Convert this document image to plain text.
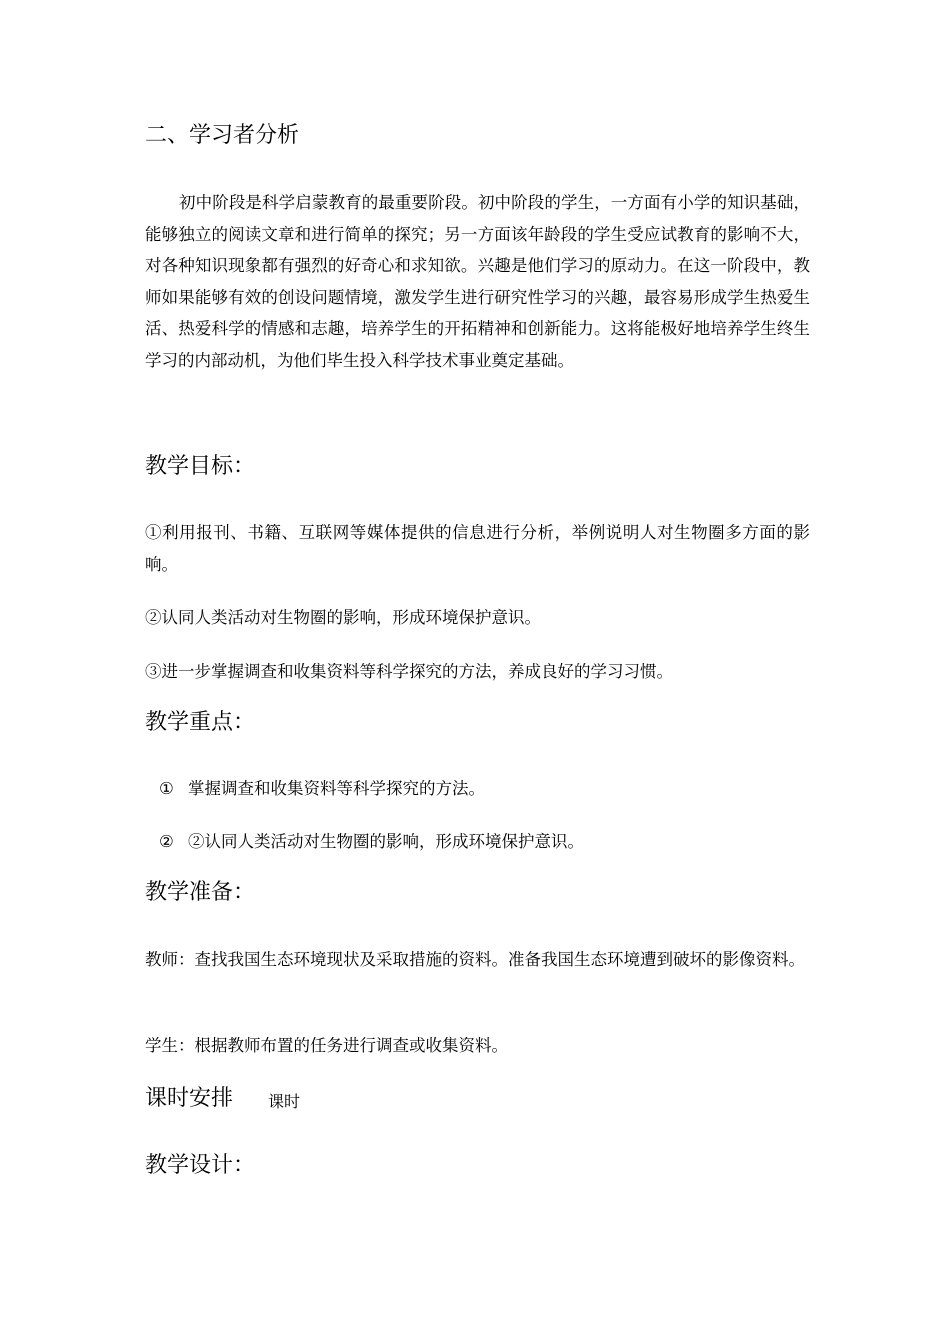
二、学习者分析
初中阶段是科学启蒙教育的最重要阶段。初中阶段的学生，一方面有小学的知识基础，能够独立的阅读文章和进行简单的探究；另一方面该年龄段的学生受应试教育的影响不大，对各种知识现象都有强烈的好奇心和求知欲。兴趣是他们学习的原动力。在这一阶段中，教师如果能够有效的创设问题情境，激发学生进行研究性学习的兴趣，最容易形成学生热爱生活、热爱科学的情感和志趣，培养学生的开拓精神和创新能力。这将能极好地培养学生终生学习的内部动机，为他们毕生投入科学技术事业奠定基础。
教学目标：
①利用报刊、书籍、互联网等媒体提供的信息进行分析，举例说明人对生物圈多方面的影响。
②认同人类活动对生物圈的影响，形成环境保护意识。
③进一步掌握调查和收集资料等科学探究的方法，养成良好的学习习惯。
教学重点：
① 掌握调查和收集资料等科学探究的方法。
② ②认同人类活动对生物圈的影响，形成环境保护意识。
教学准备：
教师：查找我国生态环境现状及采取措施的资料。准备我国生态环境遭到破坏的影像资料。
学生：根据教师布置的任务进行调查或收集资料。
课时安排 课时
教学设计：
